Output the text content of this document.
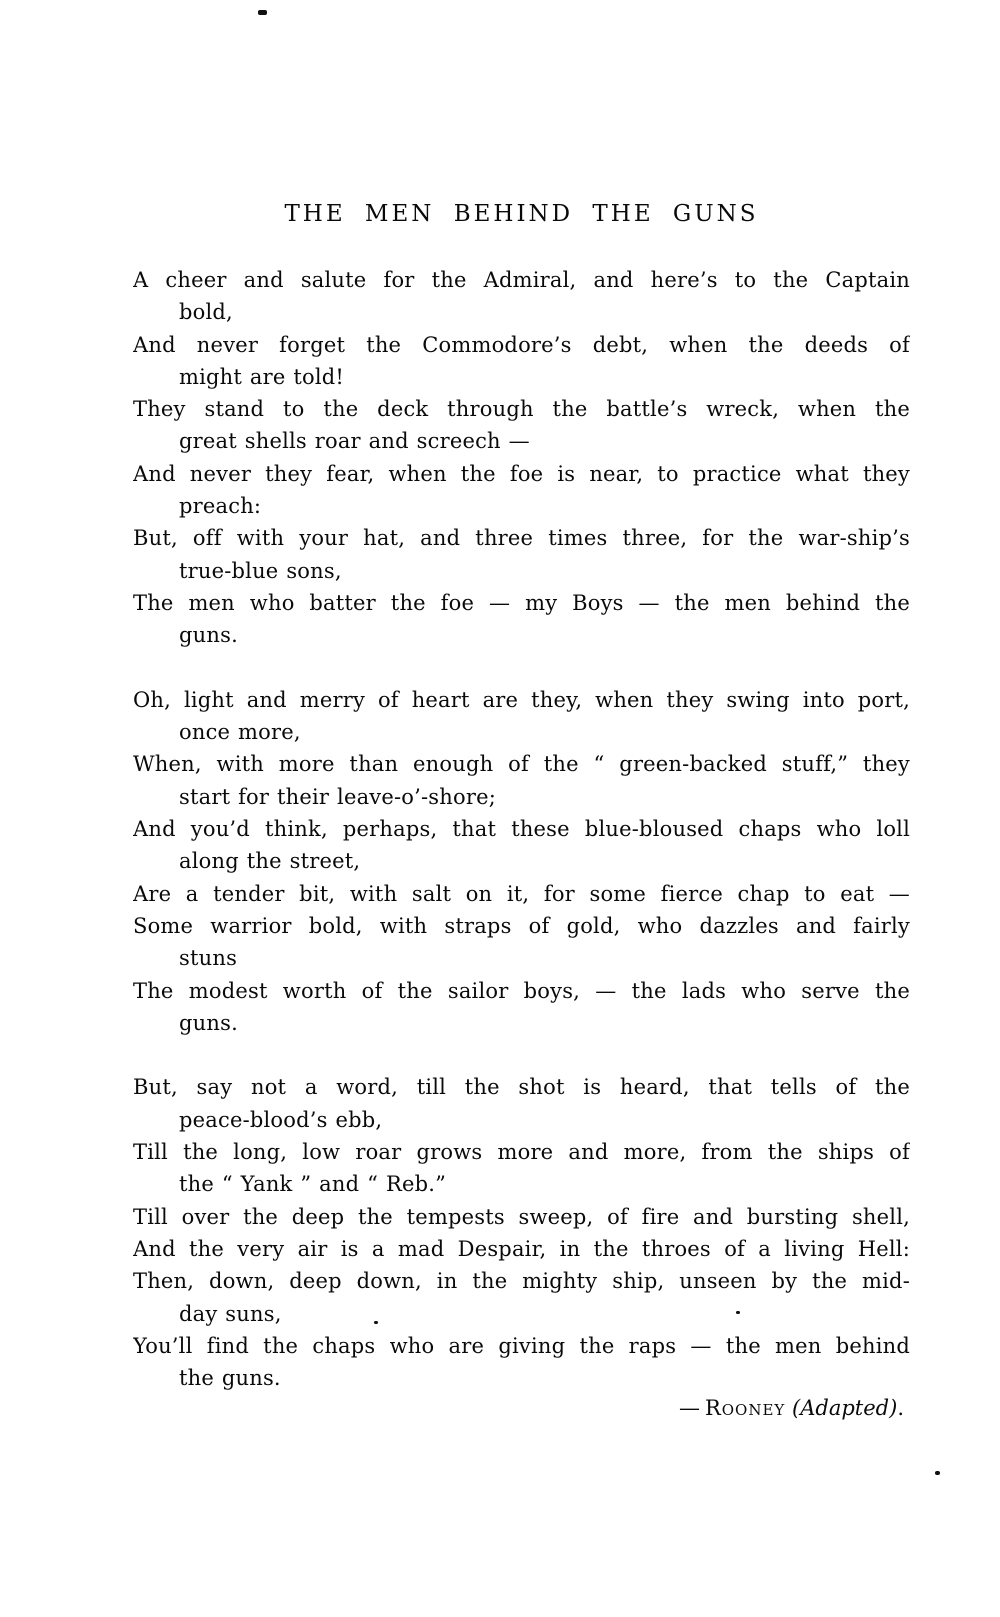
THE MEN BEHIND THE GUNS

A cheer and salute for the Admiral, and here’s to the Captain

bold,

And never forget the Commodore’s debt, when the deeds of

might are told!

They stand to the deck through the battle’s wreck, when the

great shells roar and screech —

And never they fear, when the foe is near, to practice what they

preach:

But, off with your hat, and three times three, for the war-ship’s

true-blue sons,

The men who batter the foe — my Boys — the men behind the

guns.

Oh, light and merry of heart are they, when they swing into port,

once more,

When, with more than enough of the “ green-backed stuff,” they

start for their leave-o’-shore;

And you’d think, perhaps, that these blue-bloused chaps who loll

along the street,

Are a tender bit, with salt on it, for some fierce chap to eat —

Some warrior bold, with straps of gold, who dazzles and fairly

stuns

The modest worth of the sailor boys, — the lads who serve the

guns.

But, say not a word, till the shot is heard, that tells of the

peace-blood’s ebb,

Till the long, low roar grows more and more, from the ships of

the “ Yank ” and “ Reb.”

Till over the deep the tempests sweep, of fire and bursting shell,

And the very air is a mad Despair, in the throes of a living Hell:

Then, down, deep down, in the mighty ship, unseen by the mid-

day suns,

You’ll find the chaps who are giving the raps — the men behind

the guns.

— Rooney (Adapted).
